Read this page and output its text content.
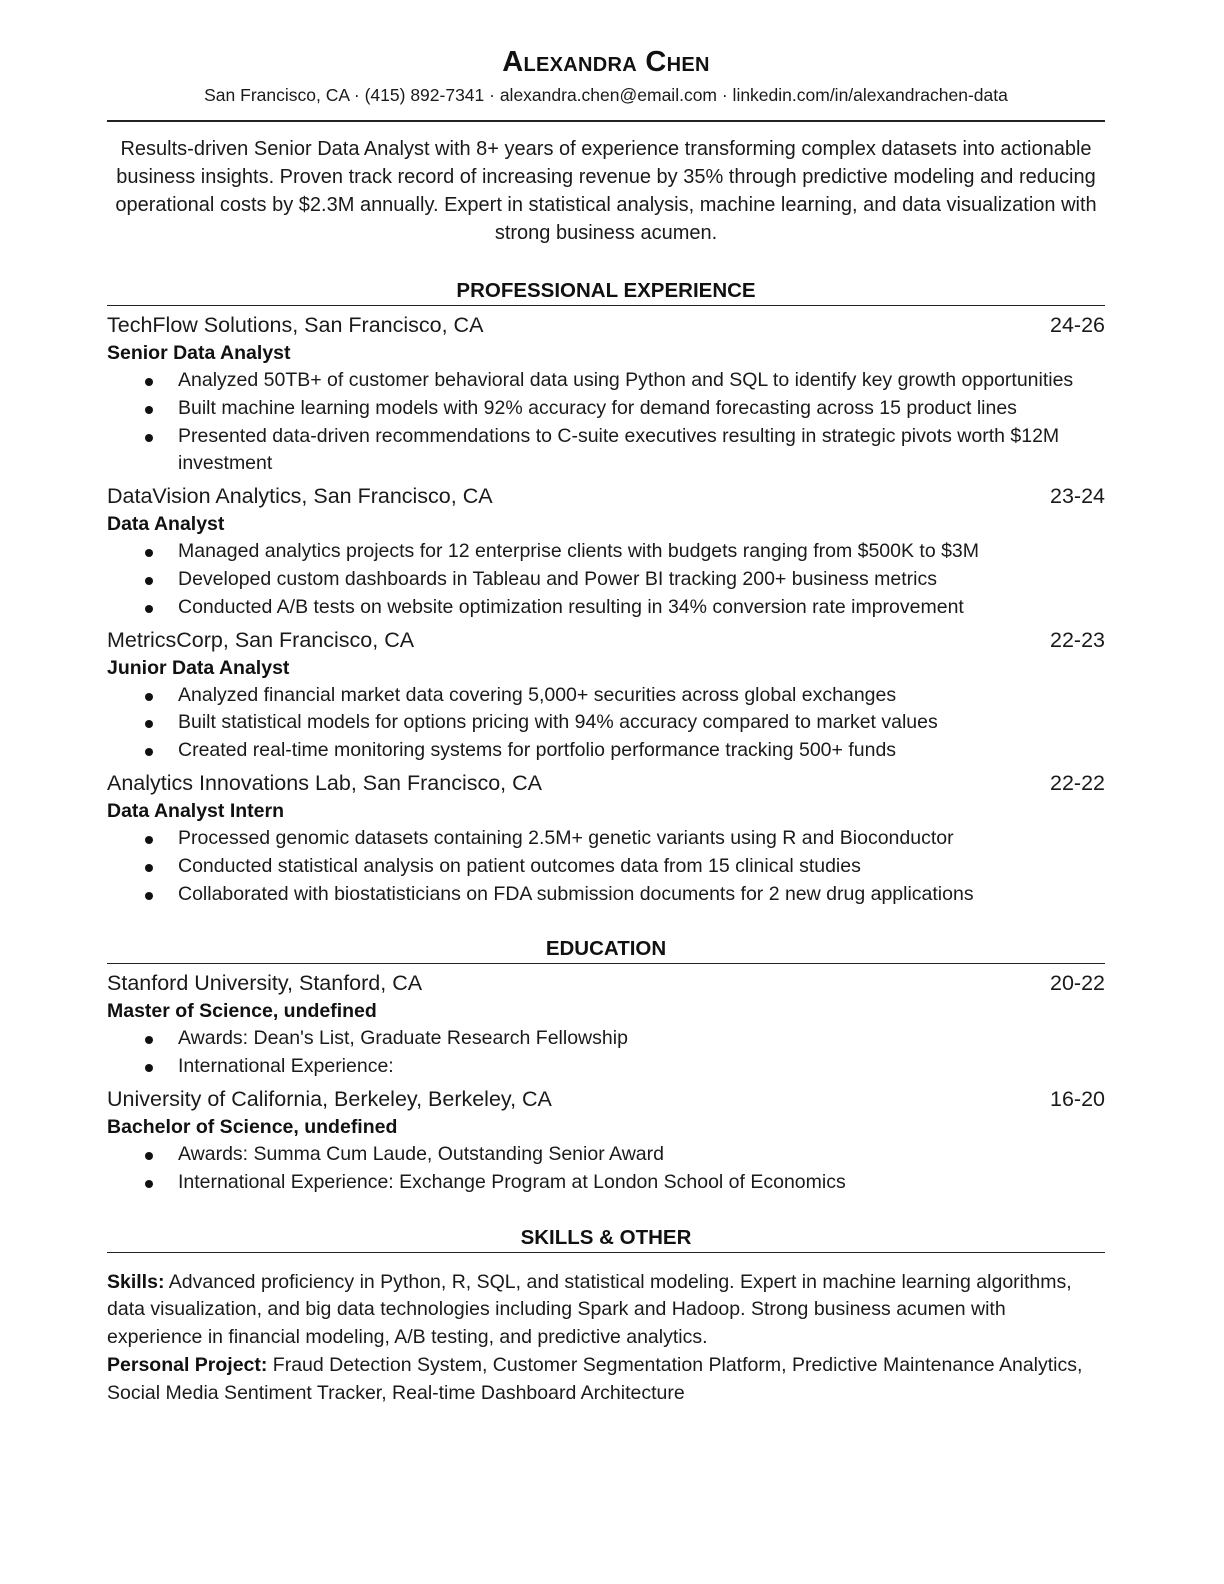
Alexandra Chen
San Francisco, CA · (415) 892-7341 · alexandra.chen@email.com · linkedin.com/in/alexandrachen-data
Results-driven Senior Data Analyst with 8+ years of experience transforming complex datasets into actionable business insights. Proven track record of increasing revenue by 35% through predictive modeling and reducing operational costs by $2.3M annually. Expert in statistical analysis, machine learning, and data visualization with strong business acumen.
PROFESSIONAL EXPERIENCE
TechFlow Solutions, San Francisco, CA	24-26
Senior Data Analyst
Analyzed 50TB+ of customer behavioral data using Python and SQL to identify key growth opportunities
Built machine learning models with 92% accuracy for demand forecasting across 15 product lines
Presented data-driven recommendations to C-suite executives resulting in strategic pivots worth $12M investment
DataVision Analytics, San Francisco, CA	23-24
Data Analyst
Managed analytics projects for 12 enterprise clients with budgets ranging from $500K to $3M
Developed custom dashboards in Tableau and Power BI tracking 200+ business metrics
Conducted A/B tests on website optimization resulting in 34% conversion rate improvement
MetricsCorp, San Francisco, CA	22-23
Junior Data Analyst
Analyzed financial market data covering 5,000+ securities across global exchanges
Built statistical models for options pricing with 94% accuracy compared to market values
Created real-time monitoring systems for portfolio performance tracking 500+ funds
Analytics Innovations Lab, San Francisco, CA	22-22
Data Analyst Intern
Processed genomic datasets containing 2.5M+ genetic variants using R and Bioconductor
Conducted statistical analysis on patient outcomes data from 15 clinical studies
Collaborated with biostatisticians on FDA submission documents for 2 new drug applications
EDUCATION
Stanford University, Stanford, CA	20-22
Master of Science, undefined
Awards: Dean's List, Graduate Research Fellowship
International Experience:
University of California, Berkeley, Berkeley, CA	16-20
Bachelor of Science, undefined
Awards: Summa Cum Laude, Outstanding Senior Award
International Experience: Exchange Program at London School of Economics
SKILLS & OTHER
Skills: Advanced proficiency in Python, R, SQL, and statistical modeling. Expert in machine learning algorithms, data visualization, and big data technologies including Spark and Hadoop. Strong business acumen with experience in financial modeling, A/B testing, and predictive analytics.
Personal Project: Fraud Detection System, Customer Segmentation Platform, Predictive Maintenance Analytics, Social Media Sentiment Tracker, Real-time Dashboard Architecture
